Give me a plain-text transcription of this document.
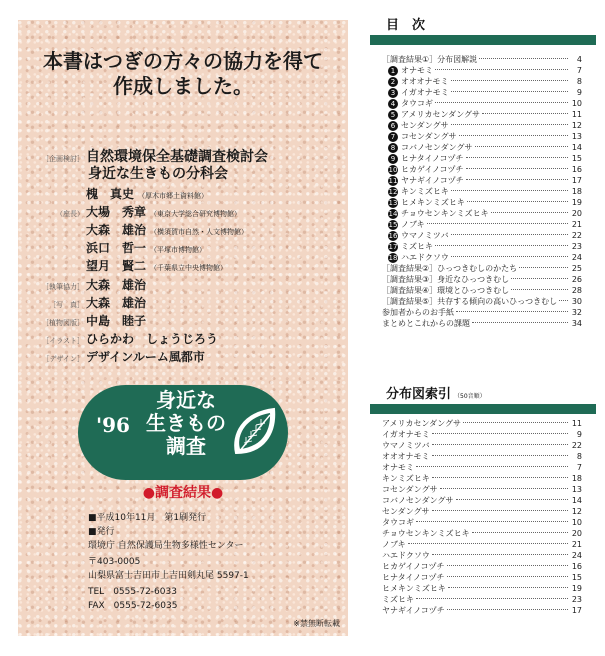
本書はつぎの方々の協力を得て
作成しました。
［企画検討］ 自然環境保全基礎調査検討会
身近な生きもの分科会
槐　真史 （厚木市郷土資料館）
（座長） 大場　秀章 （東京大学総合研究博物館）
大森　雄治 （横須賀市自然・人文博物館）
浜口　哲一 （平塚市博物館）
望月　賢二 （千葉県立中央博物館）
［執筆協力］ 大森　雄治
［写　真］ 大森　雄治
［植物図版］ 中島　睦子
［イラスト］ ひらかわ　しょうじろう
［デザイン］ デザインルーム風都市
'96
身近な
生きもの
調査
●調査結果●
■平成10年11月　第1刷発行
■発行
環境庁 自然保護局生物多様性センター
〒403-0005
山梨県富士吉田市上吉田剣丸尾 5597-1
TEL　0555-72-6033
FAX　0555-72-6035
※禁無断転載
目　次
［調査結果①］分布図解説	4
1 オナモミ	7
2 オオオナモミ	8
3 イガオナモミ	9
4 タウコギ	10
5 アメリカセンダングサ	11
6 センダングサ	12
7 コセンダングサ	13
8 コバノセンダングサ	14
9 ヒナタイノコヅチ	15
10 ヒカゲイノコヅチ	16
11 ヤナギイノコヅチ	17
12 キンミズヒキ	18
13 ヒメキンミズヒキ	19
14 チョウセンキンミズヒキ	20
15 ノブキ	21
16 ウマノミツバ	22
17 ミズヒキ	23
18 ハエドクソウ	24
［調査結果②］ひっつきむしのかたち	25
［調査結果③］身近なひっつきむし	26
［調査結果④］環境とひっつきむし	28
［調査結果⑤］共存する傾向の高いひっつきむし	30
参加者からのお手紙	32
まとめとこれからの課題	34
分布図索引 （50音順）
アメリカセンダングサ	11
イガオナモミ	9
ウマノミツバ	22
オオオナモミ	8
オナモミ	7
キンミズヒキ	18
コセンダングサ	13
コバノセンダングサ	14
センダングサ	12
タウコギ	10
チョウセンキンミズヒキ	20
ノブキ	21
ハエドクソウ	24
ヒカゲイノコヅチ	16
ヒナタイノコヅチ	15
ヒメキンミズヒキ	19
ミズヒキ	23
ヤナギイノコヅチ	17
